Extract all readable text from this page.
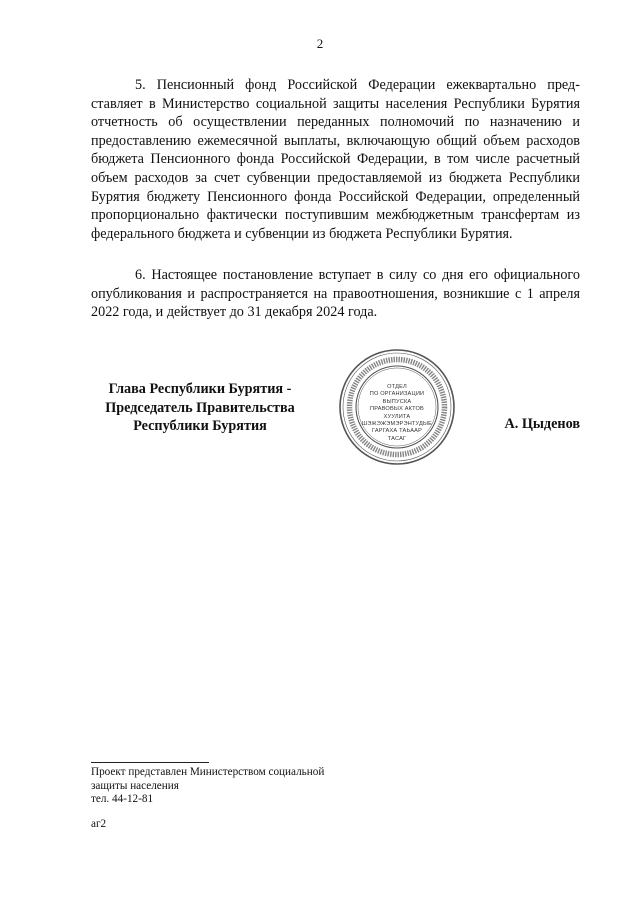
2

5. Пенсионный фонд Российской Федерации ежеквартально представляет в Министерство социальной защиты населения Республики Бурятия отчетность об осуществлении переданных полномочий по назначению и предоставлению ежемесячной выплаты, включающую общий объем расходов бюджета Пенсионного фонда Российской Федерации, в том числе расчетный объем расходов за счет субвенции предоставляемой из бюджета Республики Бурятия бюджету Пенсионного фонда Российской Федерации, определенный пропорционально фактически поступившим межбюджетным трансфертам из федерального бюджета и субвенции из бюджета Республики Бурятия.

6. Настоящее постановление вступает в силу со дня его официального опубликования и распространяется на правоотношения, возникшие с 1 апреля 2022 года, и действует до 31 декабря 2024 года.

Глава Республики Бурятия -
Председатель Правительства
Республики Бурятия
ОТДЕЛ
ПО ОРГАНИЗАЦИИ
ВЫПУСКА
ПРАВОВЫХ АКТОВ
ХУУЛИТА
ШЭЖЭЖЭМЭРЭНТУДЫЕ
ГАРГАХА ТАЬААР
ТАСАГ
А. Цыденов
Проект представлен Министерством социальной
защиты населения
тел. 44-12-81
аг2
